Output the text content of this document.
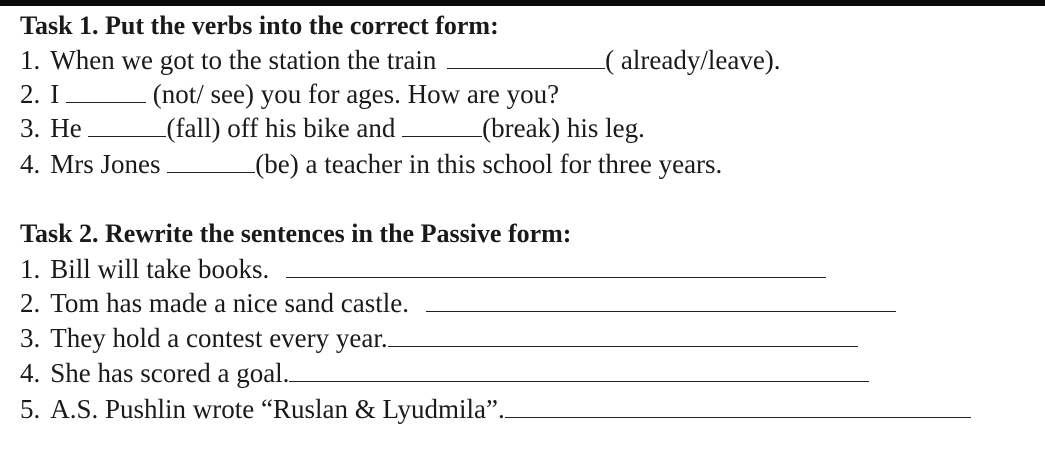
Task 1. Put the verbs into the correct form:
1. When we got to the station the train	( already/leave).
2. I	(not/ see) you for ages. How are you?
3. He	(fall) off his bike and	(break) his leg.
4. Mrs Jones	(be) a teacher in this school for three years.
Task 2. Rewrite the sentences in the Passive form:
1. Bill will take books.
2. Tom has made a nice sand castle.
3. They hold a contest every year.
4. She has scored a goal.
5. A.S. Pushlin wrote “Ruslan & Lyudmila”.
